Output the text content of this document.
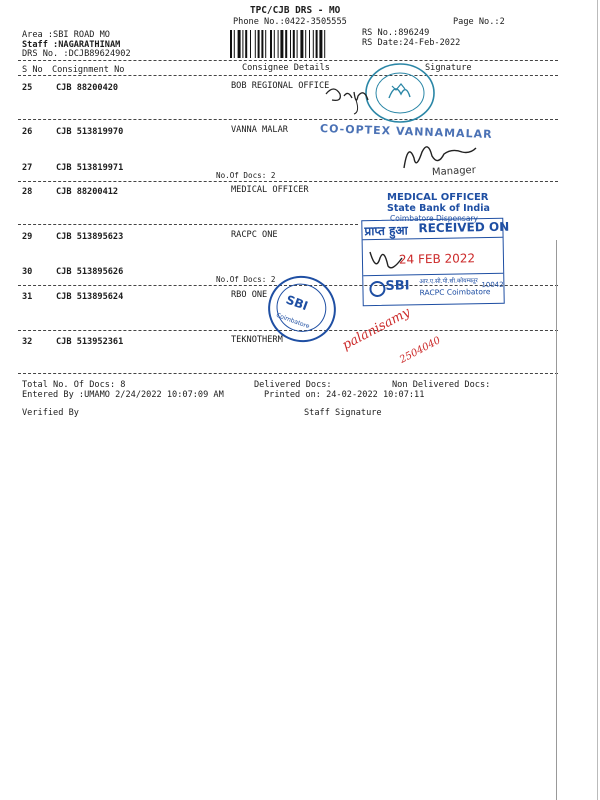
TPC/CJB DRS - MO
Phone No.:0422-3505555	Page No.:2
Area :SBI ROAD MO
Staff :NAGARATHINAM
DRS No. :DCJB89624902
RS No.:896249
RS Date:24-Feb-2022
S No Consignment No	Consignee Details	Signature
25	CJB 88200420	BOB REGIONAL OFFICE
26	CJB 513819970	VANNA MALAR
27	CJB 513819971
No.Of Docs: 2
28	CJB 88200412	MEDICAL OFFICER
29	CJB 513895623	RACPC ONE
30	CJB 513895626
No.Of Docs: 2
31	CJB 513895624	RBO ONE
32	CJB 513952361	TEKNOTHERM
Total No. Of Docs: 8	Delivered Docs:	Non Delivered Docs:
Entered By :UMAMO 2/24/2022 10:07:09 AM	Printed on: 24-02-2022 10:07:11
Verified By	Staff Signature
CO-OPTEX VANNAMALAR
Manager
MEDICAL OFFICER
State Bank of India
Coimbatore Dispensary
प्राप्त हुआ RECEIVED ON
24 FEB 2022
SBI आर.ए.सी.पी.सी.कोयम्बतूर 10042
RACPC Coimbatore
SBI
Coimbatore palanisamy
2504040
